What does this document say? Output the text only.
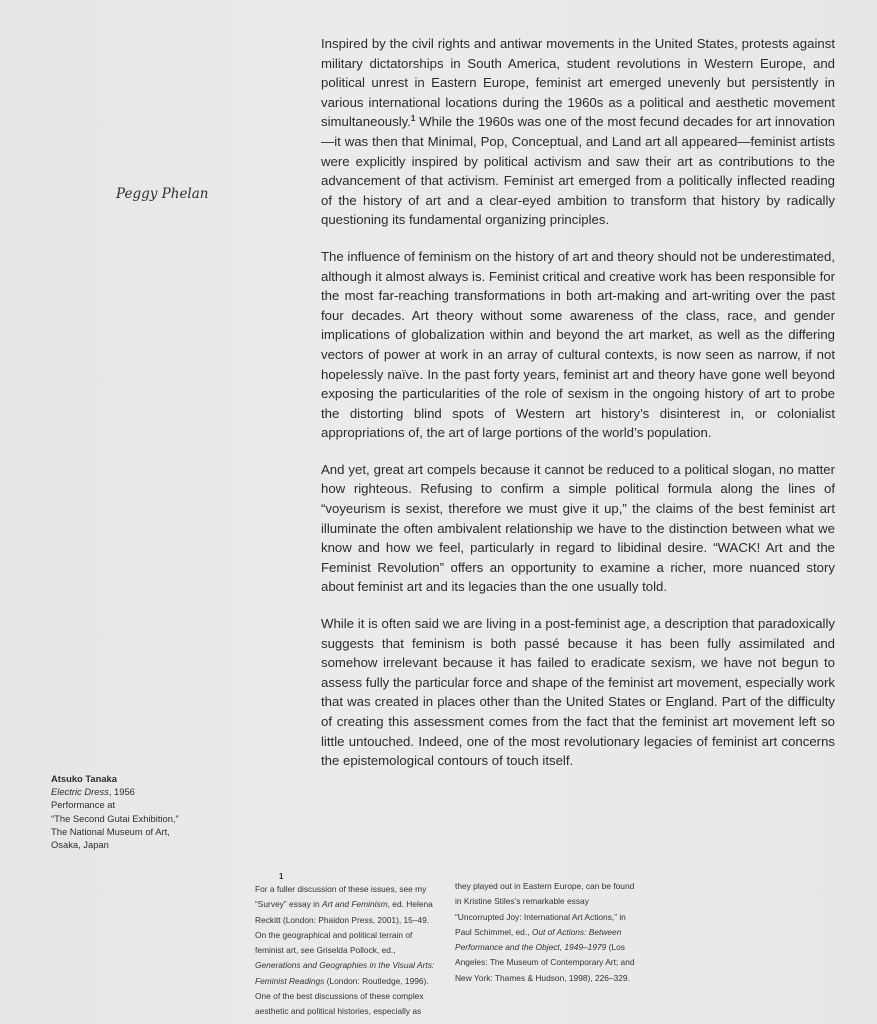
Peggy Phelan

Inspired by the civil rights and antiwar movements in the United States, protests against military dictatorships in South America, student revolutions in Western Europe, and political unrest in Eastern Europe, feminist art emerged unevenly but persistently in various international locations during the 1960s as a political and aesthetic movement simultaneously.$^1$ While the 1960s was one of the most fecund decades for art innovation—it was then that Minimal, Pop, Conceptual, and Land art all appeared—feminist artists were explicitly inspired by political activism and saw their art as contributions to the advancement of that activism. Feminist art emerged from a politically inflected reading of the history of art and a clear-eyed ambition to transform that history by radically questioning its fundamental organizing principles.

The influence of feminism on the history of art and theory should not be underestimated, although it almost always is. Feminist critical and creative work has been responsible for the most far-reaching transformations in both art-making and art-writing over the past four decades. Art theory without some awareness of the class, race, and gender implications of globalization within and beyond the art market, as well as the differing vectors of power at work in an array of cultural contexts, is now seen as narrow, if not hopelessly naïve. In the past forty years, feminist art and theory have gone well beyond exposing the particularities of the role of sexism in the ongoing history of art to probe the distorting blind spots of Western art history’s disinterest in, or colonialist appropriations of, the art of large portions of the world’s population.

And yet, great art compels because it cannot be reduced to a political slogan, no matter how righteous. Refusing to confirm a simple political formula along the lines of “voyeurism is sexist, therefore we must give it up,” the claims of the best feminist art illuminate the often ambivalent relationship we have to the distinction between what we know and how we feel, particularly in regard to libidinal desire. “WACK! Art and the Feminist Revolution” offers an opportunity to examine a richer, more nuanced story about feminist art and its legacies than the one usually told.

While it is often said we are living in a post-feminist age, a description that paradoxically suggests that feminism is both passé because it has been fully assimilated and somehow irrelevant because it has failed to eradicate sexism, we have not begun to assess fully the particular force and shape of the feminist art movement, especially work that was created in places other than the United States or England. Part of the difficulty of creating this assessment comes from the fact that the feminist art movement left so little untouched. Indeed, one of the most revolutionary legacies of feminist art concerns the epistemological contours of touch itself.

Atsuko Tanaka
Electric Dress, 1956
Performance at
“The Second Gutai Exhibition,”
The National Museum of Art,
Osaka, Japan
1

For a fuller discussion of these issues, see my “Survey” essay in Art and Feminism, ed. Helena Reckitt (London: Phaidon Press, 2001), 15–49. On the geographical and political terrain of feminist art, see Griselda Pollock, ed., Generations and Geographies in the Visual Arts: Feminist Readings (London: Routledge, 1996). One of the best discussions of these complex aesthetic and political histories, especially as

they played out in Eastern Europe, can be found in Kristine Stiles’s remarkable essay “Uncorrupted Joy: International Art Actions,” in Paul Schimmel, ed., Out of Actions: Between Performance and the Object, 1949–1979 (Los Angeles: The Museum of Contemporary Art; and New York: Thames & Hudson, 1998), 226–329.
